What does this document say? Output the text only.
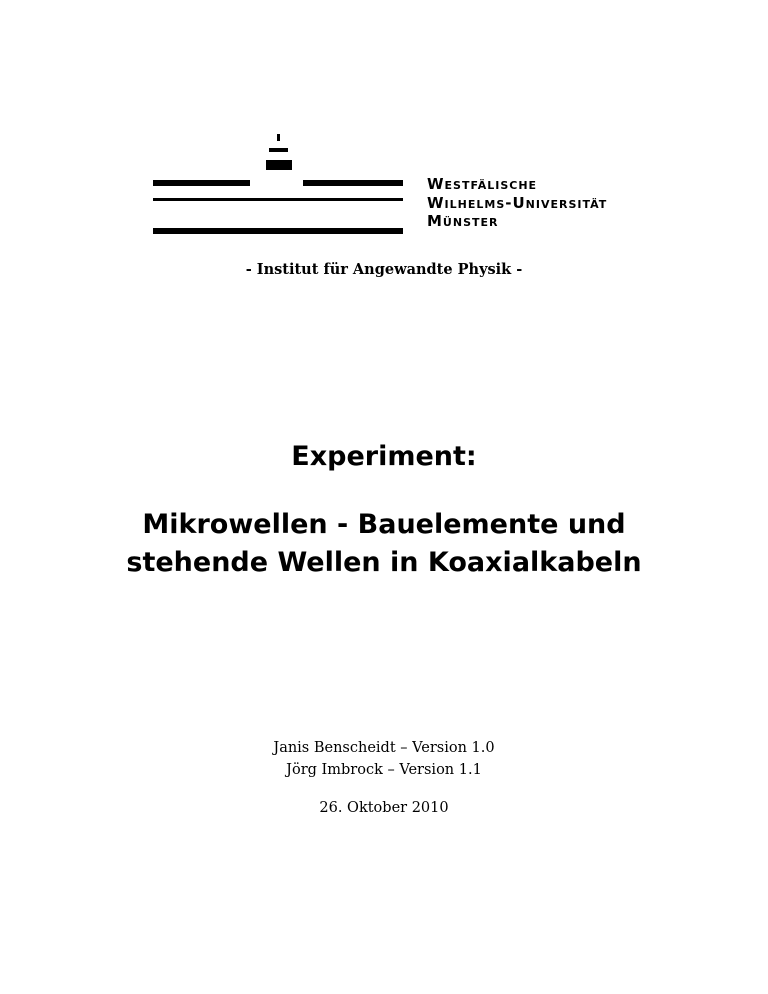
Westfälische
Wilhelms-Universität
Münster
- Institut für Angewandte Physik -
Experiment:
Mikrowellen - Bauelemente und
stehende Wellen in Koaxialkabeln
Janis Benscheidt – Version 1.0
Jörg Imbrock – Version 1.1
26. Oktober 2010
